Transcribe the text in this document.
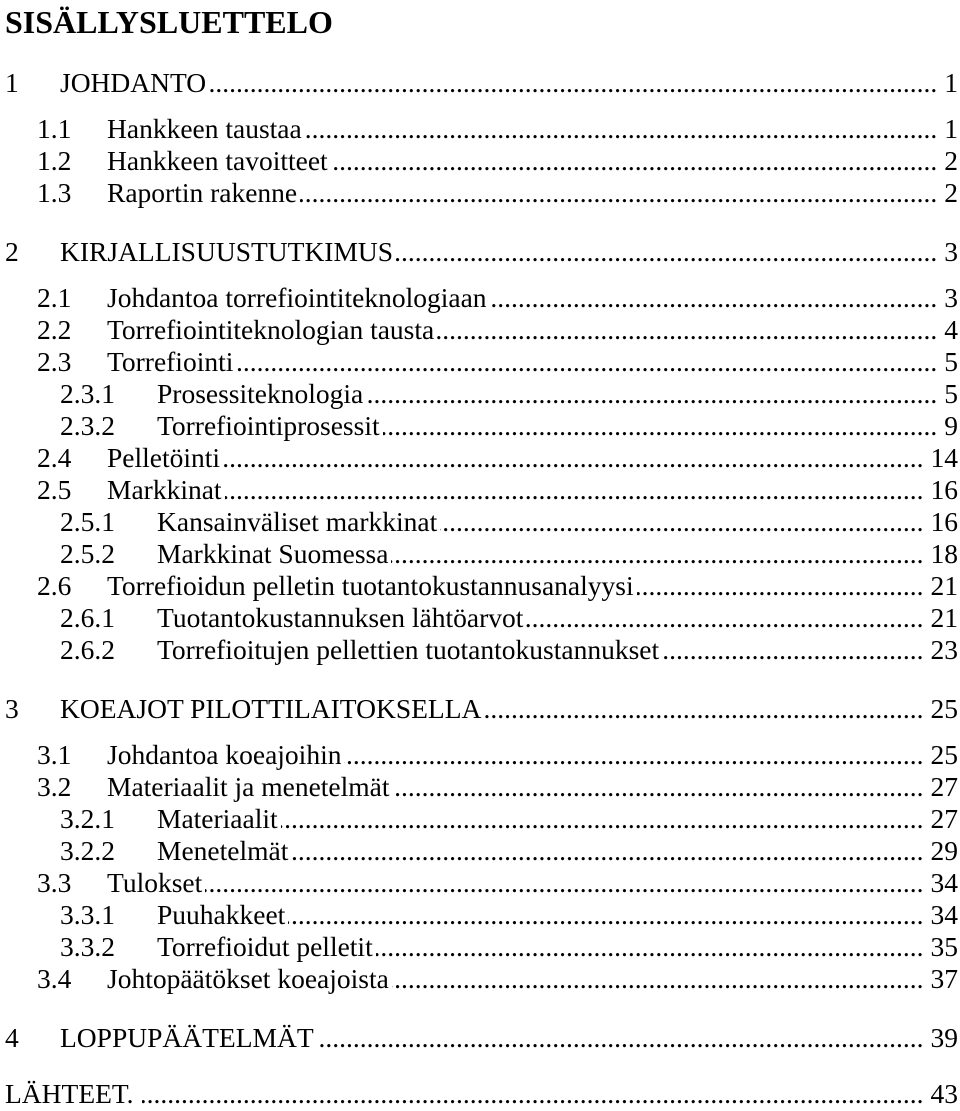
SISÄLLYSLUETTELO
1	JOHDANTO .....	1
1.1	Hankkeen taustaa .....	1
1.2	Hankkeen tavoitteet .....	2
1.3	Raportin rakenne .....	2
2	KIRJALLISUUSTUTKIMUS .....	3
2.1	Johdantoa torrefiointiteknologiaan .....	3
2.2	Torrefiointiteknologian tausta .....	4
2.3	Torrefiointi .....	5
2.3.1	Prosessiteknologia .....	5
2.3.2	Torrefiointiprosessit .....	9
2.4	Pelletöinti .....	14
2.5	Markkinat .....	16
2.5.1	Kansainväliset markkinat .....	16
2.5.2	Markkinat Suomessa .....	18
2.6	Torrefioidun pelletin tuotantokustannusanalyysi .....	21
2.6.1	Tuotantokustannuksen lähtöarvot .....	21
2.6.2	Torrefioitujen pellettien tuotantokustannukset .....	23
3	KOEAJOT PILOTTILAITOKSELLA .....	25
3.1	Johdantoa koeajoihin .....	25
3.2	Materiaalit ja menetelmät .....	27
3.2.1	Materiaalit .....	27
3.2.2	Menetelmät .....	29
3.3	Tulokset .....	34
3.3.1	Puuhakkeet .....	34
3.3.2	Torrefioidut pelletit .....	35
3.4	Johtopäätökset koeajoista .....	37
4	LOPPUPÄÄTELMÄT .....	39
LÄHTEET. .....	43
